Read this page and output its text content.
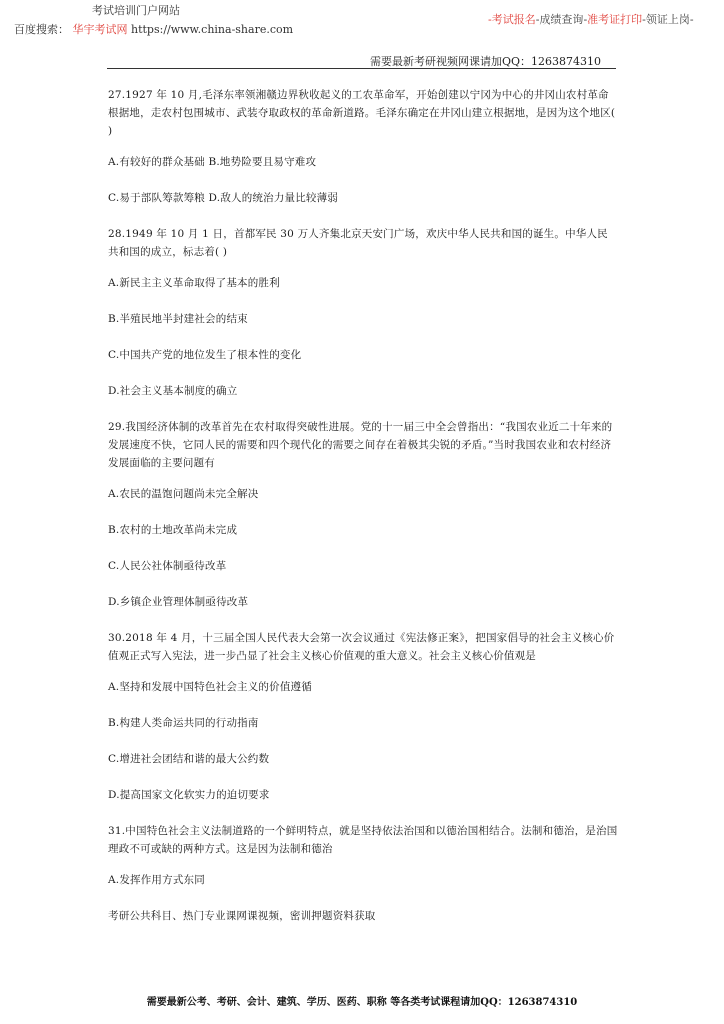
考试培训门户网站
百度搜索： 华宇考试网 https://www.china-share.com
-考试报名-成绩查询-准考证打印-领证上岗-
需要最新考研视频网课请加QQ：1263874310

27.1927 年 10 月,毛泽东率领湘赣边界秋收起义的工农革命军，开始创建以宁冈为中心的井冈山农村革命根据地，走农村包围城市、武装夺取政权的革命新道路。毛泽东确定在井冈山建立根据地，是因为这个地区( )

A.有较好的群众基础 B.地势险要且易守难攻

C.易于部队筹款筹粮 D.敌人的统治力量比较薄弱

28.1949 年 10 月 1 日，首都军民 30 万人齐集北京天安门广场，欢庆中华人民共和国的诞生。中华人民共和国的成立，标志着( )

A.新民主主义革命取得了基本的胜利

B.半殖民地半封建社会的结束

C.中国共产党的地位发生了根本性的变化

D.社会主义基本制度的确立

29.我国经济体制的改革首先在农村取得突破性进展。党的十一届三中全会曾指出：“我国农业近二十年来的发展速度不快，它同人民的需要和四个现代化的需要之间存在着极其尖锐的矛盾。”当时我国农业和农村经济发展面临的主要问题有

A.农民的温饱问题尚未完全解决

B.农村的土地改革尚未完成

C.人民公社体制亟待改革

D.乡镇企业管理体制亟待改革

30.2018 年 4 月，十三届全国人民代表大会第一次会议通过《宪法修正案》，把国家倡导的社会主义核心价值观正式写入宪法，进一步凸显了社会主义核心价值观的重大意义。社会主义核心价值观是

A.坚持和发展中国特色社会主义的价值遵循

B.构建人类命运共同的行动指南

C.增进社会团结和谐的最大公约数

D.提高国家文化软实力的迫切要求

31.中国特色社会主义法制道路的一个鲜明特点，就是坚持依法治国和以德治国相结合。法制和德治，是治国理政不可或缺的两种方式。这是因为法制和德治

A.发挥作用方式东同

考研公共科目、热门专业课网课视频，密训押题资料获取

需要最新公考、考研、会计、建筑、学历、医药、职称 等各类考试课程请加QQ：1263874310
